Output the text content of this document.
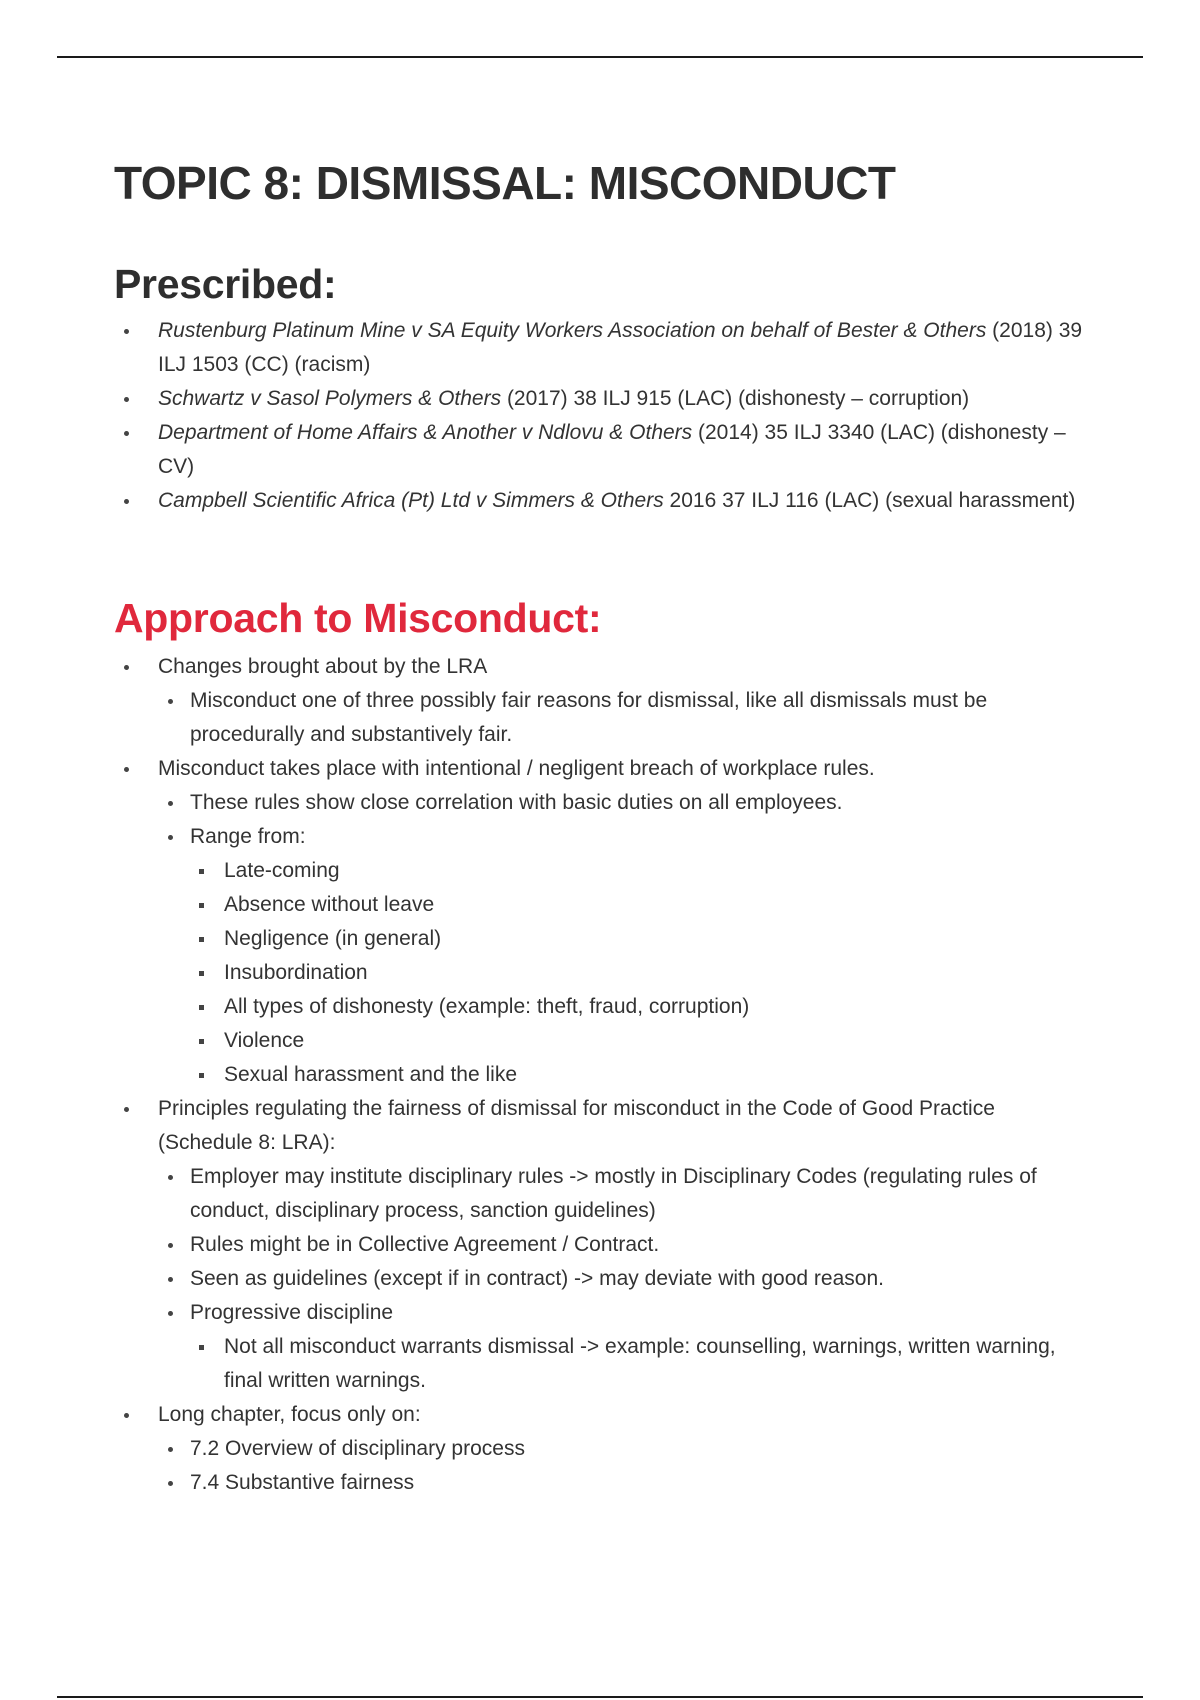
TOPIC 8: DISMISSAL: MISCONDUCT
Prescribed:
Rustenburg Platinum Mine v SA Equity Workers Association on behalf of Bester & Others (2018) 39 ILJ 1503 (CC) (racism)
Schwartz v Sasol Polymers & Others (2017) 38 ILJ 915 (LAC) (dishonesty – corruption)
Department of Home Affairs & Another v Ndlovu & Others (2014) 35 ILJ 3340 (LAC) (dishonesty – CV)
Campbell Scientific Africa (Pt) Ltd v Simmers & Others 2016 37 ILJ 116 (LAC) (sexual harassment)
Approach to Misconduct:
Changes brought about by the LRA
Misconduct one of three possibly fair reasons for dismissal, like all dismissals must be procedurally and substantively fair.
Misconduct takes place with intentional / negligent breach of workplace rules.
These rules show close correlation with basic duties on all employees.
Range from:
Late-coming
Absence without leave
Negligence (in general)
Insubordination
All types of dishonesty (example: theft, fraud, corruption)
Violence
Sexual harassment and the like
Principles regulating the fairness of dismissal for misconduct in the Code of Good Practice (Schedule 8: LRA):
Employer may institute disciplinary rules -> mostly in Disciplinary Codes (regulating rules of conduct, disciplinary process, sanction guidelines)
Rules might be in Collective Agreement / Contract.
Seen as guidelines (except if in contract) -> may deviate with good reason.
Progressive discipline
Not all misconduct warrants dismissal -> example: counselling, warnings, written warning, final written warnings.
Long chapter, focus only on:
7.2 Overview of disciplinary process
7.4 Substantive fairness
